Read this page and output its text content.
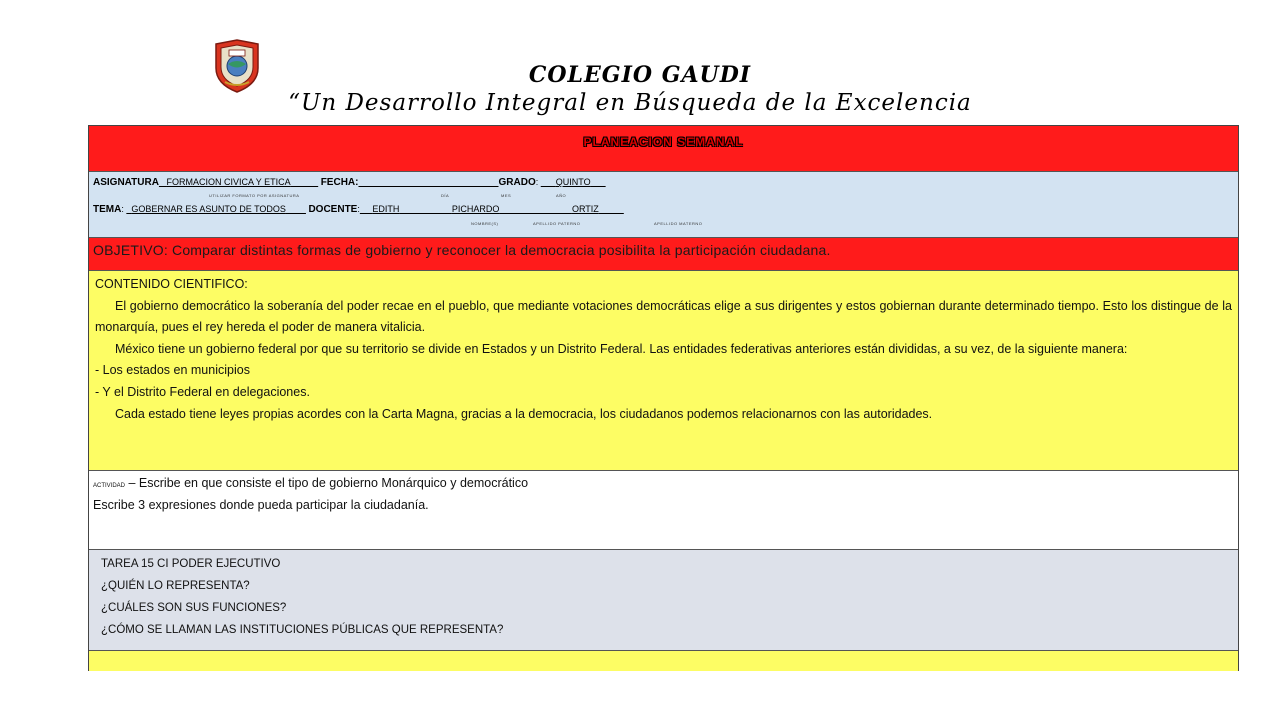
COLEGIO GAUDI
“Un Desarrollo Integral en Búsqueda de la Excelencia
PLANEACION SEMANAL
ASIGNATURA FORMACION CIVICA Y ETICA	FECHA:	GRADO:       QUINTO
UTILIZAR FORMATO POR ASIGNATURA	DÍA	MES	AÑO
TEMA:   GOBERNAR ES ASUNTO DE TODOS DOCENTE: EDITH	PICHARDO	ORTIZ
NOMBRE(S)	APELLIDO PATERNO	APELLIDO MATERNO
OBJETIVO: Comparar distintas formas de gobierno y reconocer la democracia posibilita la participación ciudadana.

CONTENIDO CIENTIFICO:

El gobierno democrático la soberanía del poder recae en el pueblo, que mediante votaciones democráticas elige a sus dirigentes y estos gobiernan durante determinado tiempo. Esto los distingue de la monarquía, pues el rey hereda el poder de manera vitalicia.

México tiene un gobierno federal por que su territorio se divide en Estados y un Distrito Federal. Las entidades federativas anteriores están divididas, a su vez, de la siguiente manera:

- Los estados en municipios

- Y el Distrito Federal en delegaciones.

Cada estado tiene leyes propias acordes con la Carta Magna, gracias a la democracia, los ciudadanos podemos relacionarnos con las autoridades.

ACTIVIDAD – Escribe en que consiste el tipo de gobierno Monárquico y democrático
Escribe 3 expresiones donde pueda participar la ciudadanía.
TAREA 15 CI PODER EJECUTIVO
¿QUIÉN LO REPRESENTA?
¿CUÁLES SON SUS FUNCIONES?
¿CÓMO SE LLAMAN LAS INSTITUCIONES PÚBLICAS QUE REPRESENTA?
